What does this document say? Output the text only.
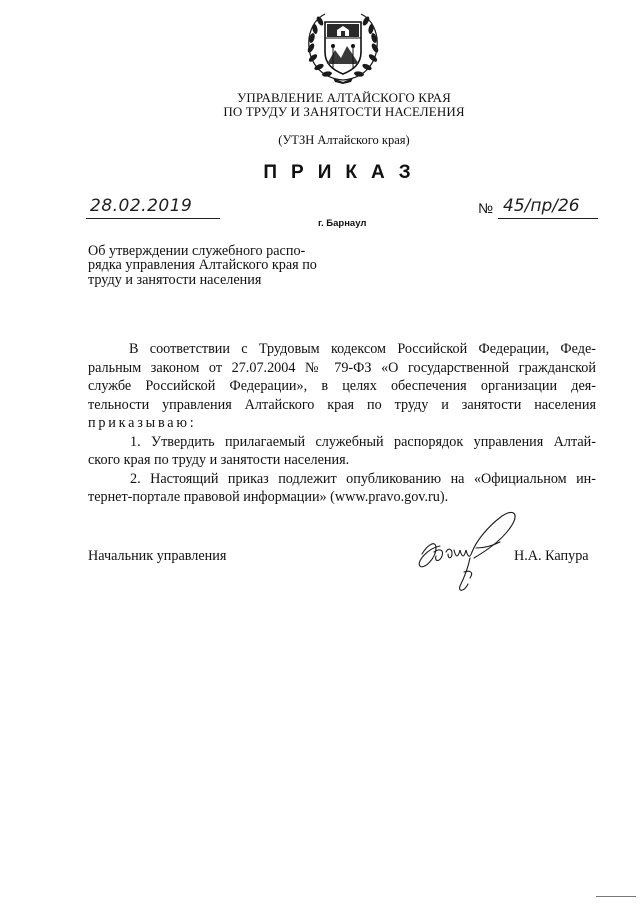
УПРАВЛЕНИЕ АЛТАЙСКОГО КРАЯ
ПО ТРУДУ И ЗАНЯТОСТИ НАСЕЛЕНИЯ
(УТЗН Алтайского края)
ПРИКАЗ
28.02.2019
г. Барнаул
№ 45/пр/26
Об утверждении служебного распо-
рядка управления Алтайского края по
труду и занятости населения
В соответствии с Трудовым кодексом Российской Федерации, Феде-
ральным законом от 27.07.2004 № 79-ФЗ «О государственной гражданской
службе Российской Федерации», в целях обеспечения организации дея-
тельности управления Алтайского края по труду и занятости населения
приказываю:
1. Утвердить прилагаемый служебный распорядок управления Алтай-
ского края по труду и занятости населения.
2. Настоящий приказ подлежит опубликованию на «Официальном ин-
тернет-портале правовой информации» (www.pravo.gov.ru).
Начальник управления	Н.А. Капура
